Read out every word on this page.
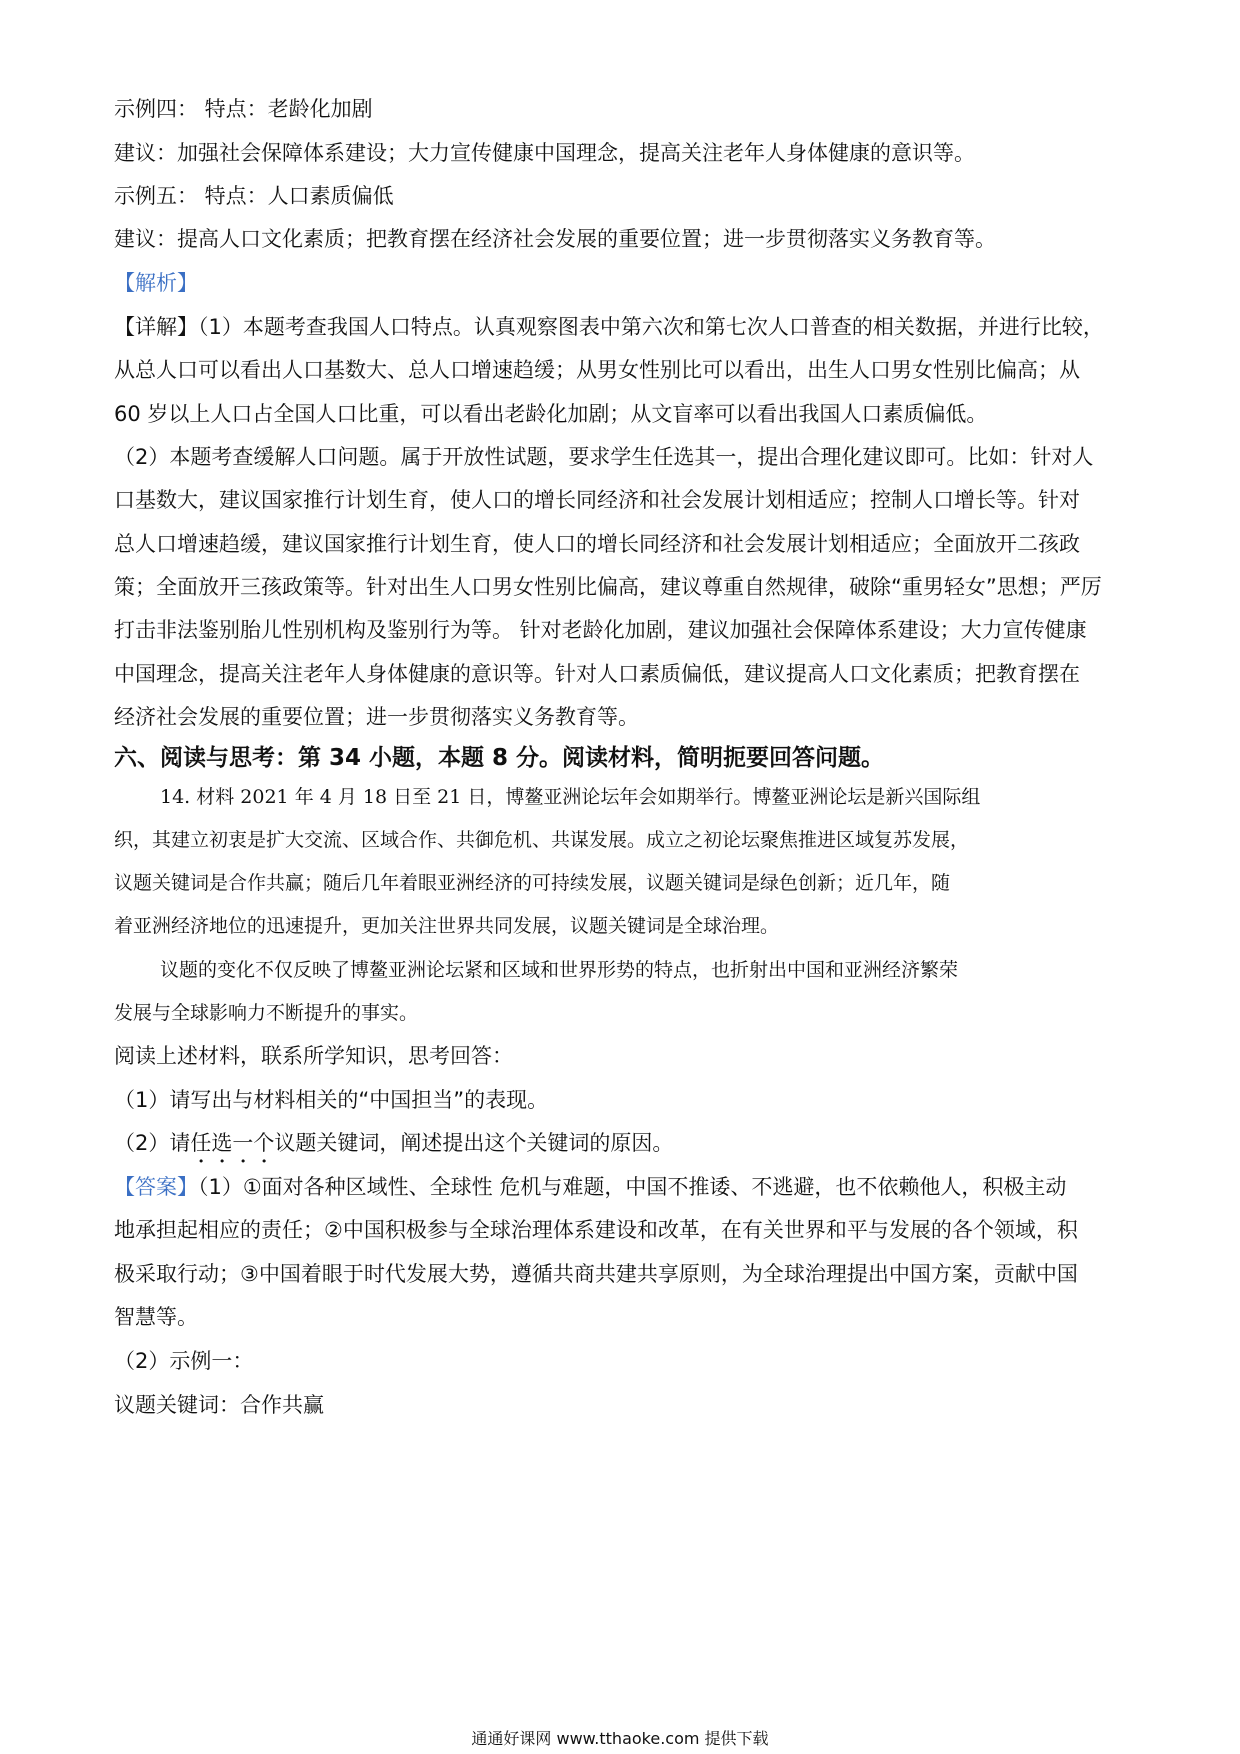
示例四： 特点：老龄化加剧
建议：加强社会保障体系建设；大力宣传健康中国理念，提高关注老年人身体健康的意识等。
示例五： 特点：人口素质偏低
建议：提高人口文化素质；把教育摆在经济社会发展的重要位置；进一步贯彻落实义务教育等。
【解析】
【详解】（1）本题考查我国人口特点。认真观察图表中第六次和第七次人口普查的相关数据，并进行比较，
从总人口可以看出人口基数大、总人口增速趋缓；从男女性别比可以看出，出生人口男女性别比偏高；从
60 岁以上人口占全国人口比重，可以看出老龄化加剧；从文盲率可以看出我国人口素质偏低。
（2）本题考查缓解人口问题。属于开放性试题，要求学生任选其一，提出合理化建议即可。比如：针对人
口基数大，建议国家推行计划生育，使人口的增长同经济和社会发展计划相适应；控制人口增长等。针对
总人口增速趋缓，建议国家推行计划生育，使人口的增长同经济和社会发展计划相适应；全面放开二孩政
策；全面放开三孩政策等。针对出生人口男女性别比偏高，建议尊重自然规律，破除“重男轻女”思想；严厉
打击非法鉴别胎儿性别机构及鉴别行为等。 针对老龄化加剧，建议加强社会保障体系建设；大力宣传健康
中国理念，提高关注老年人身体健康的意识等。针对人口素质偏低，建议提高人口文化素质；把教育摆在
经济社会发展的重要位置；进一步贯彻落实义务教育等。
六、阅读与思考：第 34 小题，本题 8 分。阅读材料，简明扼要回答问题。
14. 材料 2021 年 4 月 18 日至 21 日，博鳌亚洲论坛年会如期举行。博鳌亚洲论坛是新兴国际组
织，其建立初衷是扩大交流、区域合作、共御危机、共谋发展。成立之初论坛聚焦推进区域复苏发展，
议题关键词是合作共赢；随后几年着眼亚洲经济的可持续发展，议题关键词是绿色创新；近几年，随
着亚洲经济地位的迅速提升，更加关注世界共同发展，议题关键词是全球治理。
议题的变化不仅反映了博鳌亚洲论坛紧和区域和世界形势的特点，也折射出中国和亚洲经济繁荣
发展与全球影响力不断提升的事实。
阅读上述材料，联系所学知识，思考回答：
（1）请写出与材料相关的“中国担当”的表现。
（2）请任选一个议题关键词，阐述提出这个关键词的原因。
【答案】（1）①面对各种区域性、全球性 危机与难题，中国不推诿、不逃避，也不依赖他人，积极主动
地承担起相应的责任；②中国积极参与全球治理体系建设和改革，在有关世界和平与发展的各个领域，积
极采取行动；③中国着眼于时代发展大势，遵循共商共建共享原则，为全球治理提出中国方案，贡献中国
智慧等。
（2）示例一：
议题关键词：合作共赢
通通好课网 www.tthaoke.com 提供下载
